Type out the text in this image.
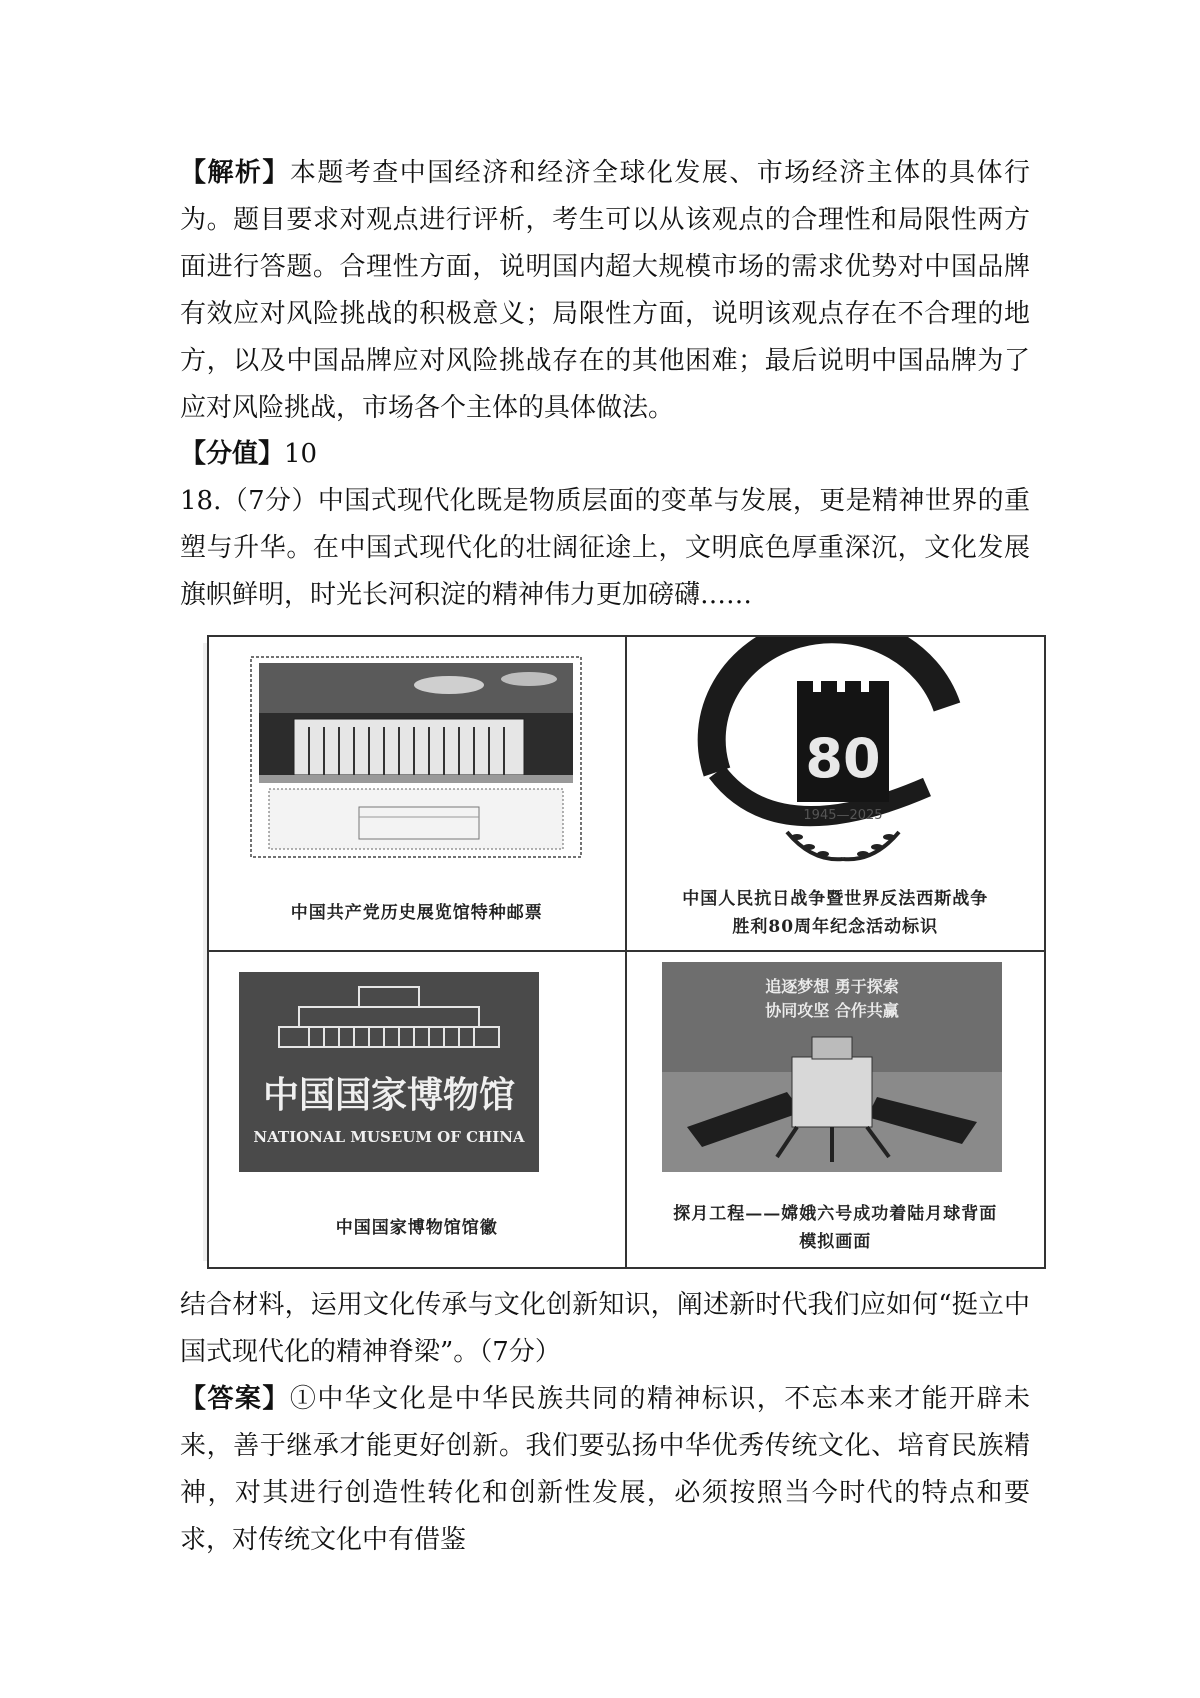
【解析】本题考查中国经济和经济全球化发展、市场经济主体的具体行为。题目要求对观点进行评析，考生可以从该观点的合理性和局限性两方面进行答题。合理性方面，说明国内超大规模市场的需求优势对中国品牌有效应对风险挑战的积极意义；局限性方面，说明该观点存在不合理的地方，以及中国品牌应对风险挑战存在的其他困难；最后说明中国品牌为了应对风险挑战，市场各个主体的具体做法。

【分值】10

18.（7分）中国式现代化既是物质层面的变革与发展，更是精神世界的重塑与升华。在中国式现代化的壮阔征途上，文明底色厚重深沉，文化发展旗帜鲜明，时光长河积淀的精神伟力更加磅礴……

中国共产党历史展览馆特种邮票
80
1945—2025
中国人民抗日战争暨世界反法西斯战争
胜利80周年纪念活动标识
中国国家博物馆
NATIONAL MUSEUM OF CHINA
中国国家博物馆馆徽
追逐梦想 勇于探索
协同攻坚 合作共赢
探月工程——嫦娥六号成功着陆月球背面
模拟画面

结合材料，运用文化传承与文化创新知识，阐述新时代我们应如何“挺立中国式现代化的精神脊梁”。（7分）

【答案】①中华文化是中华民族共同的精神标识，不忘本来才能开辟未来，善于继承才能更好创新。我们要弘扬中华优秀传统文化、培育民族精神，对其进行创造性转化和创新性发展，必须按照当今时代的特点和要求，对传统文化中有借鉴
